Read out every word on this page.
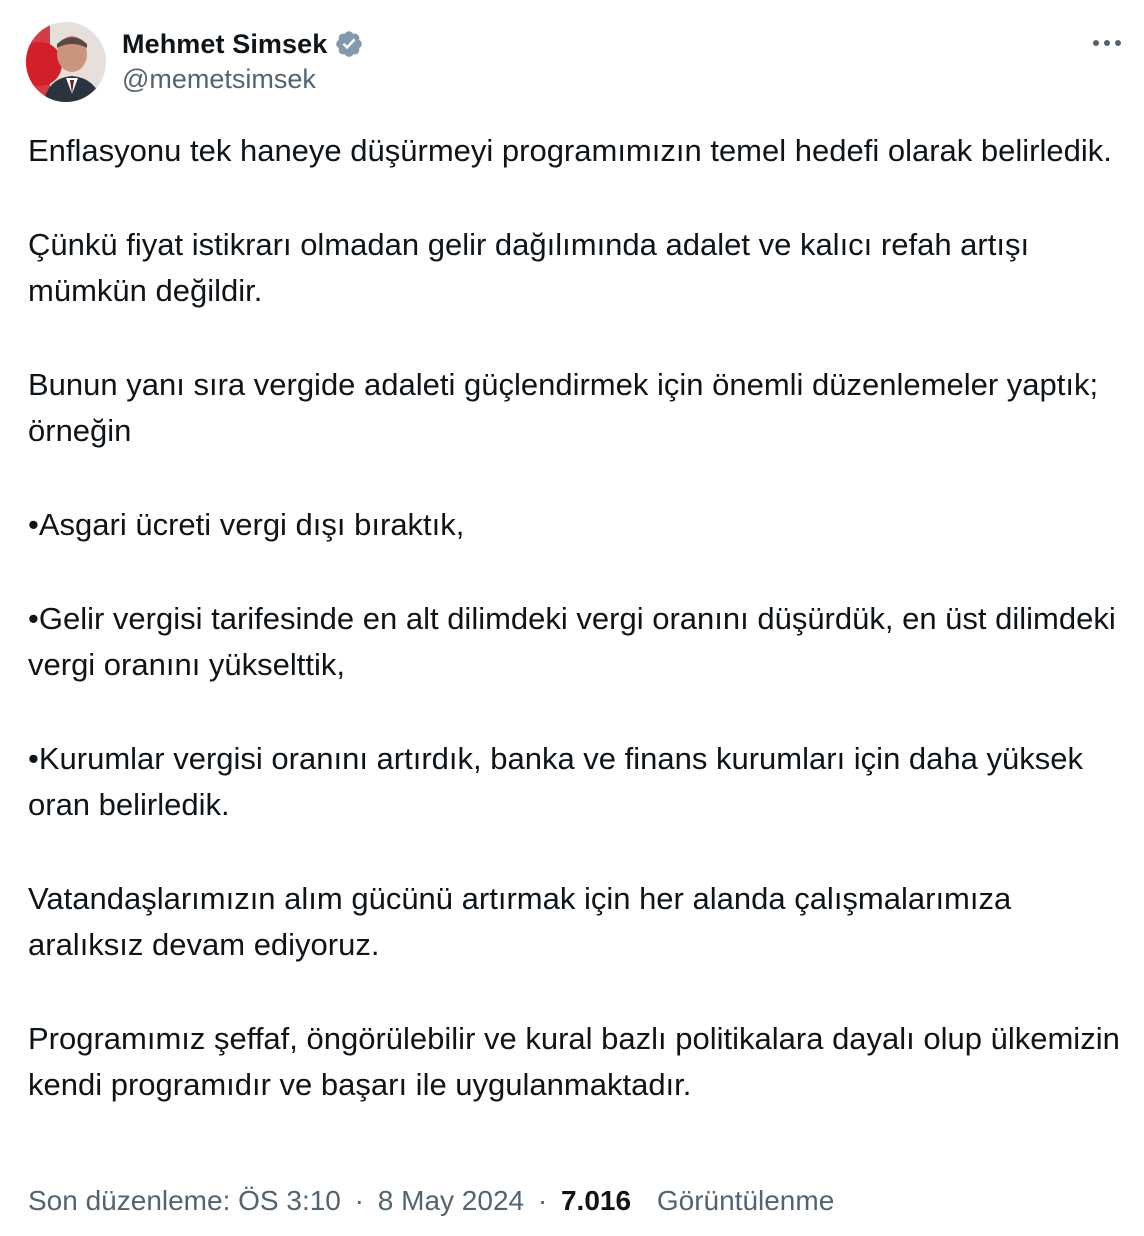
Mehmet Simsek
@memetsimsek

Enflasyonu tek haneye düşürmeyi programımızın temel hedefi olarak belirledik.

Çünkü fiyat istikrarı olmadan gelir dağılımında adalet ve kalıcı refah artışı mümkün değildir.

Bunun yanı sıra vergide adaleti güçlendirmek için önemli düzenlemeler yaptık; örneğin

•Asgari ücreti vergi dışı bıraktık,

•Gelir vergisi tarifesinde en alt dilimdeki vergi oranını düşürdük, en üst dilimdeki vergi oranını yükselttik,

•Kurumlar vergisi oranını artırdık, banka ve finans kurumları için daha yüksek oran belirledik.

Vatandaşlarımızın alım gücünü artırmak için her alanda çalışmalarımıza aralıksız devam ediyoruz.

Programımız şeffaf, öngörülebilir ve kural bazlı politikalara dayalı olup ülkemizin kendi programıdır ve başarı ile uygulanmaktadır.

Son düzenleme: ÖS 3:10 · 8 May 2024 · 7.016 Görüntülenme
